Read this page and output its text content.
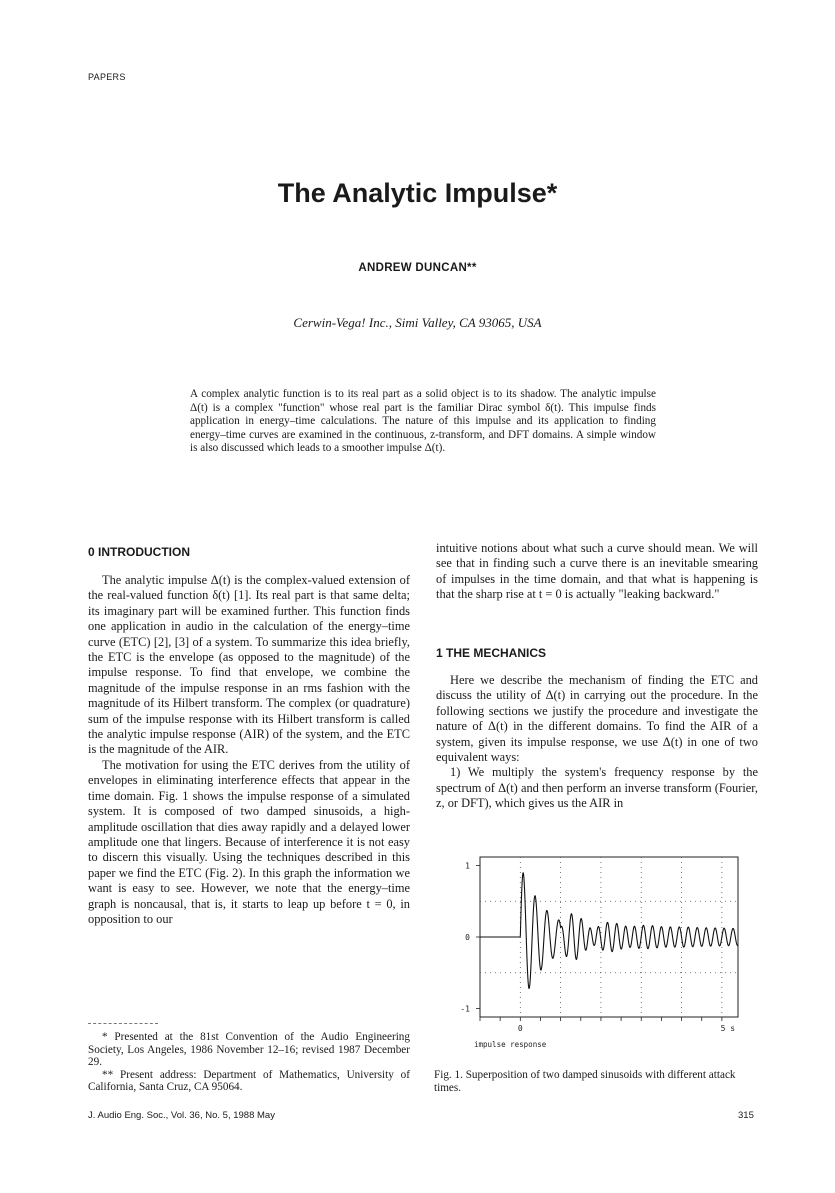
PAPERS
The Analytic Impulse*
ANDREW DUNCAN**
Cerwin-Vega! Inc., Simi Valley, CA 93065, USA
A complex analytic function is to its real part as a solid object is to its shadow. The analytic impulse Δ(t) is a complex "function" whose real part is the familiar Dirac symbol δ(t). This impulse finds application in energy–time calculations. The nature of this impulse and its application to finding energy–time curves are examined in the continuous, z-transform, and DFT domains. A simple window is also discussed which leads to a smoother impulse Δ(t).
0 INTRODUCTION

The analytic impulse Δ(t) is the complex-valued extension of the real-valued function δ(t) [1]. Its real part is that same delta; its imaginary part will be examined further. This function finds one application in audio in the calculation of the energy–time curve (ETC) [2], [3] of a system. To summarize this idea briefly, the ETC is the envelope (as opposed to the magnitude) of the impulse response. To find that envelope, we combine the magnitude of the impulse response in an rms fashion with the magnitude of its Hilbert transform. The complex (or quadrature) sum of the impulse response with its Hilbert transform is called the analytic impulse response (AIR) of the system, and the ETC is the magnitude of the AIR.

The motivation for using the ETC derives from the utility of envelopes in eliminating interference effects that appear in the time domain. Fig. 1 shows the impulse response of a simulated system. It is composed of two damped sinusoids, a high-amplitude oscillation that dies away rapidly and a delayed lower amplitude one that lingers. Because of interference it is not easy to discern this visually. Using the techniques described in this paper we find the ETC (Fig. 2). In this graph the information we want is easy to see. However, we note that the energy–time graph is noncausal, that is, it starts to leap up before t = 0, in opposition to our

* Presented at the 81st Convention of the Audio Engineering Society, Los Angeles, 1986 November 12–16; revised 1987 December 29.

** Present address: Department of Mathematics, University of California, Santa Cruz, CA 95064.

intuitive notions about what such a curve should mean. We will see that in finding such a curve there is an inevitable smearing of impulses in the time domain, and that what is happening is that the sharp rise at t = 0 is actually "leaking backward."

1 THE MECHANICS

Here we describe the mechanism of finding the ETC and discuss the utility of Δ(t) in carrying out the procedure. In the following sections we justify the procedure and investigate the nature of Δ(t) in the different domains. To find the AIR of a system, given its impulse response, we use Δ(t) in one of two equivalent ways:

1) We multiply the system's frequency response by the spectrum of Δ(t) and then perform an inverse transform (Fourier, z, or DFT), which gives us the AIR in

1
0
-1
0	5 s
impulse response
Fig. 1. Superposition of two damped sinusoids with different attack times.
J. Audio Eng. Soc., Vol. 36, No. 5, 1988 May	315
